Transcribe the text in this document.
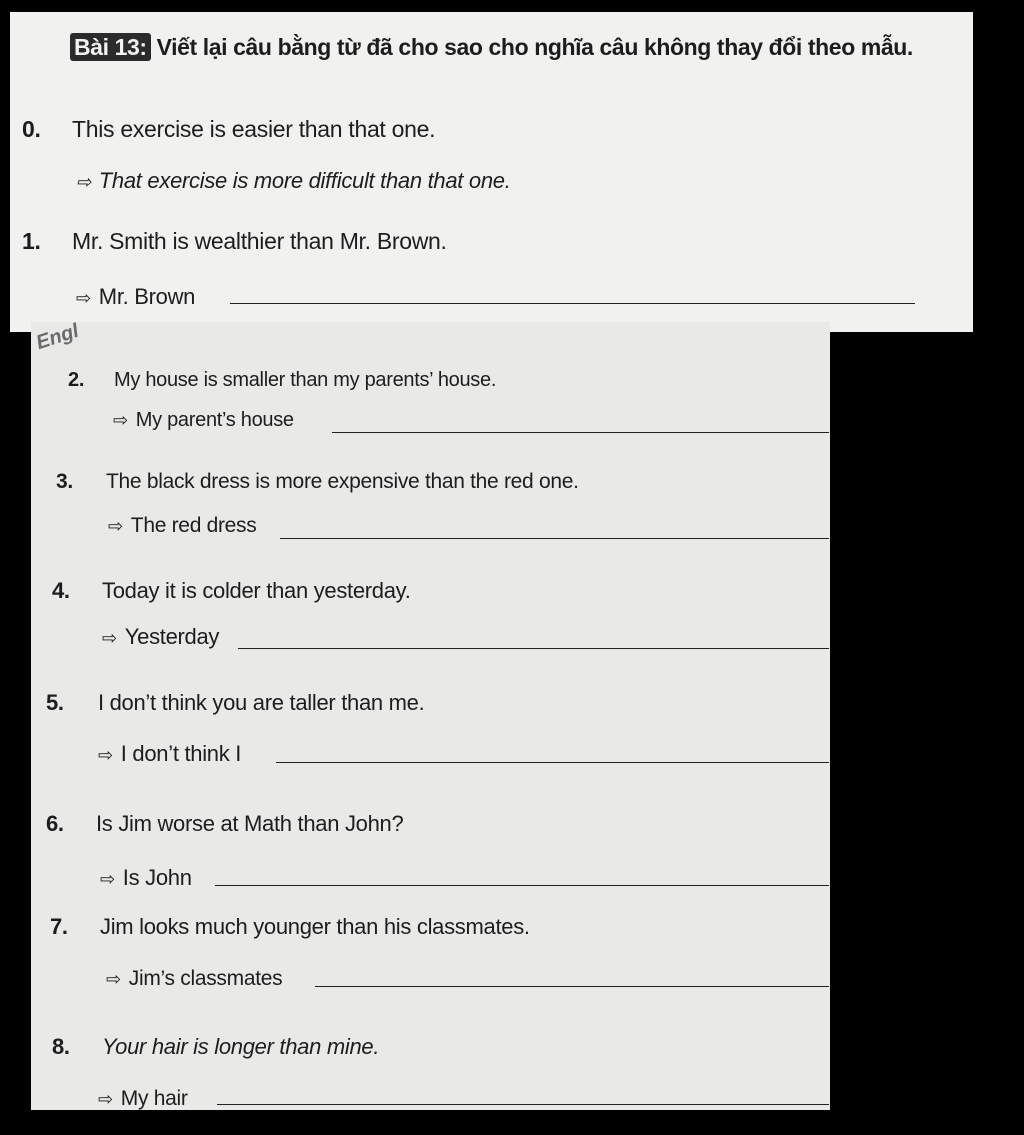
Engl
Bài 13: Viết lại câu bằng từ đã cho sao cho nghĩa câu không thay đổi theo mẫu.
0. This exercise is easier than that one.
⇨ That exercise is more difficult than that one.
1. Mr. Smith is wealthier than Mr. Brown.
⇨ Mr. Brown
2. My house is smaller than my parents’ house.
⇨ My parent’s house
3. The black dress is more expensive than the red one.
⇨ The red dress
4. Today it is colder than yesterday.
⇨ Yesterday
5. I don’t think you are taller than me.
⇨ I don’t think I
6. Is Jim worse at Math than John?
⇨ Is John
7. Jim looks much younger than his classmates.
⇨ Jim’s classmates
8. Your hair is longer than mine.
⇨ My hair
